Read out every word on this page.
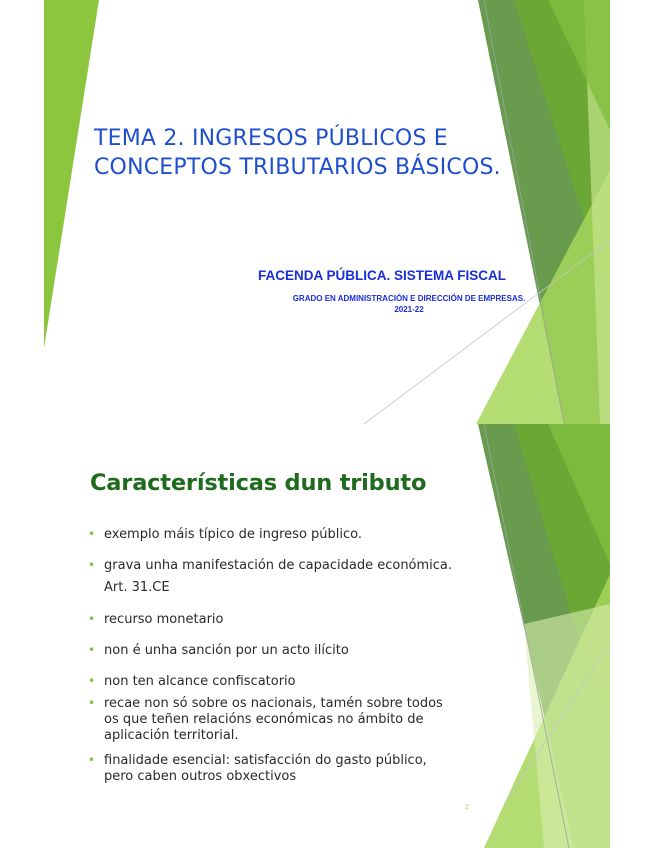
TEMA 2. INGRESOS PÚBLICOS E
CONCEPTOS TRIBUTARIOS BÁSICOS.
FACENDA PÚBLICA. SISTEMA FISCAL
GRADO EN ADMINISTRACIÓN E DIRECCIÓN DE EMPRESAS.
2021-22
Características dun tributo
• exemplo máis típico de ingreso público.
• grava unha manifestación de capacidade económica.
Art. 31.CE
• recurso monetario
• non é unha sanción por un acto ilícito
• non ten alcance confiscatorio
• recae non só sobre os nacionais, tamén sobre todos
os que teñen relacións económicas no ámbito de
aplicación territorial.
• finalidade esencial: satisfacción do gasto público,
pero caben outros obxectivos
2
